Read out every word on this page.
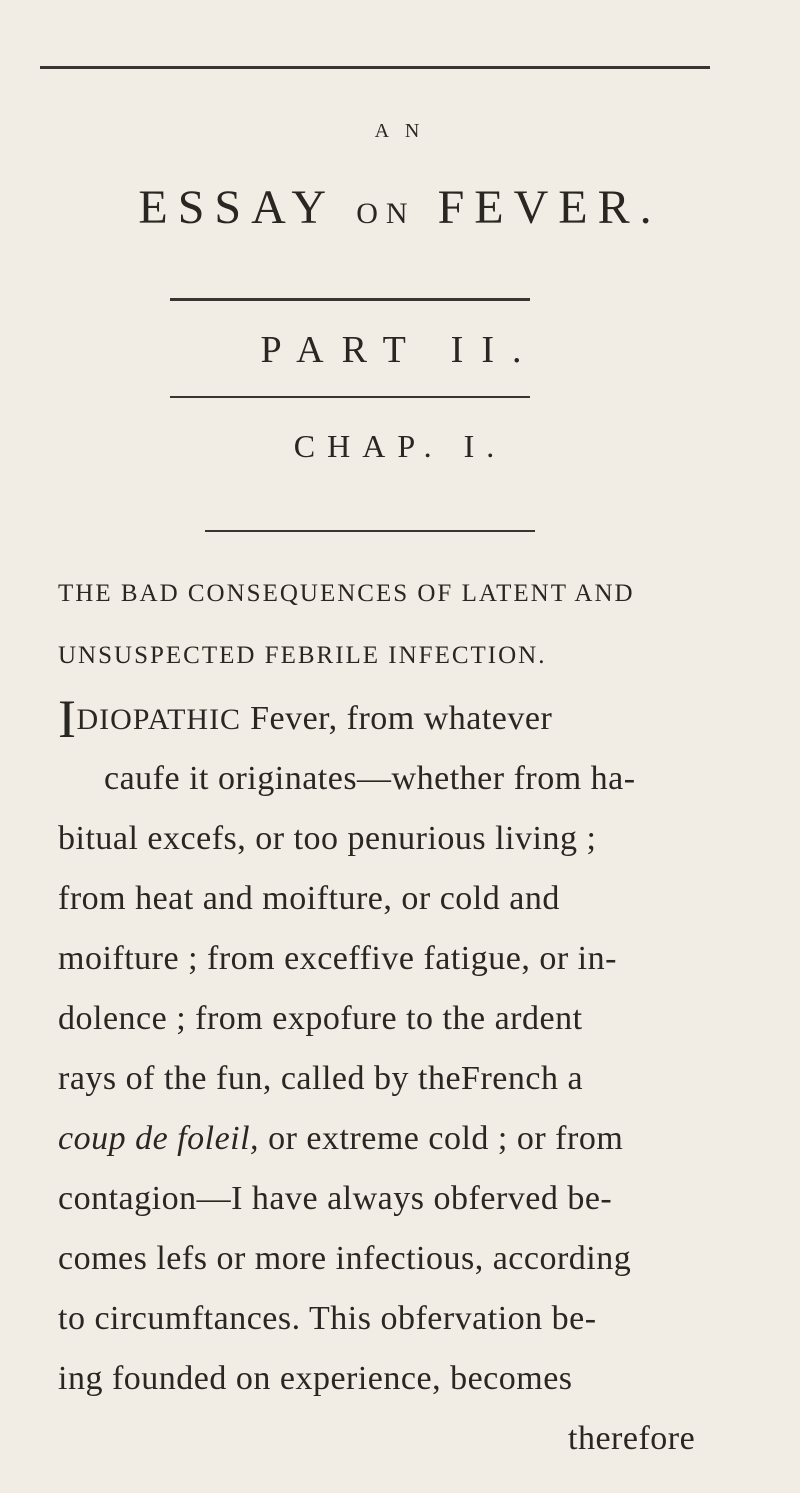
A N
ESSAY ON FEVER.
PART II.
CHAP. I.
THE BAD CONSEQUENCES OF LATENT AND
UNSUSPECTED FEBRILE INFECTION.
IDIOPATHIC Fever, from whatever
caufe it originates—whether from ha-
bitual excefs, or too penurious living ;
from heat and moifture, or cold and
moifture ; from exceffive fatigue, or in-
dolence ; from expofure to the ardent
rays of the fun, called by theFrench a
coup de foleil, or extreme cold ; or from
contagion—I have always obferved be-
comes lefs or more infectious, according
to circumftances. This obfervation be-
ing founded on experience, becomes
therefore
